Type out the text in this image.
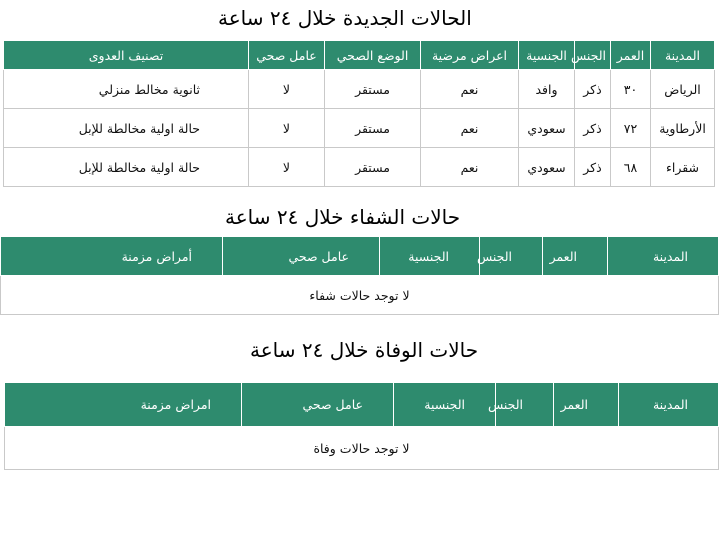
الحالات الجديدة خلال ٢٤ ساعة
المدينة	العمر	الجنس	الجنسية	اعراض مرضية	الوضع الصحي	عامل صحي	تصنيف العدوى
الرياض	٣٠	ذكر	وافد	نعم	مستقر	لا	ثانوية مخالط منزلي
الأرطاوية	٧٢	ذكر	سعودي	نعم	مستقر	لا	حالة اولية مخالطة للإبل
شقراء	٦٨	ذكر	سعودي	نعم	مستقر	لا	حالة اولية مخالطة للإبل
حالات الشفاء خلال ٢٤ ساعة
المدينة	العمر	الجنس	الجنسية	عامل صحي	أمراض مزمنة
لا توجد حالات شفاء
حالات الوفاة خلال ٢٤ ساعة
المدينة	العمر	الجنس	الجنسية	عامل صحي	امراض مزمنة
لا توجد حالات وفاة
